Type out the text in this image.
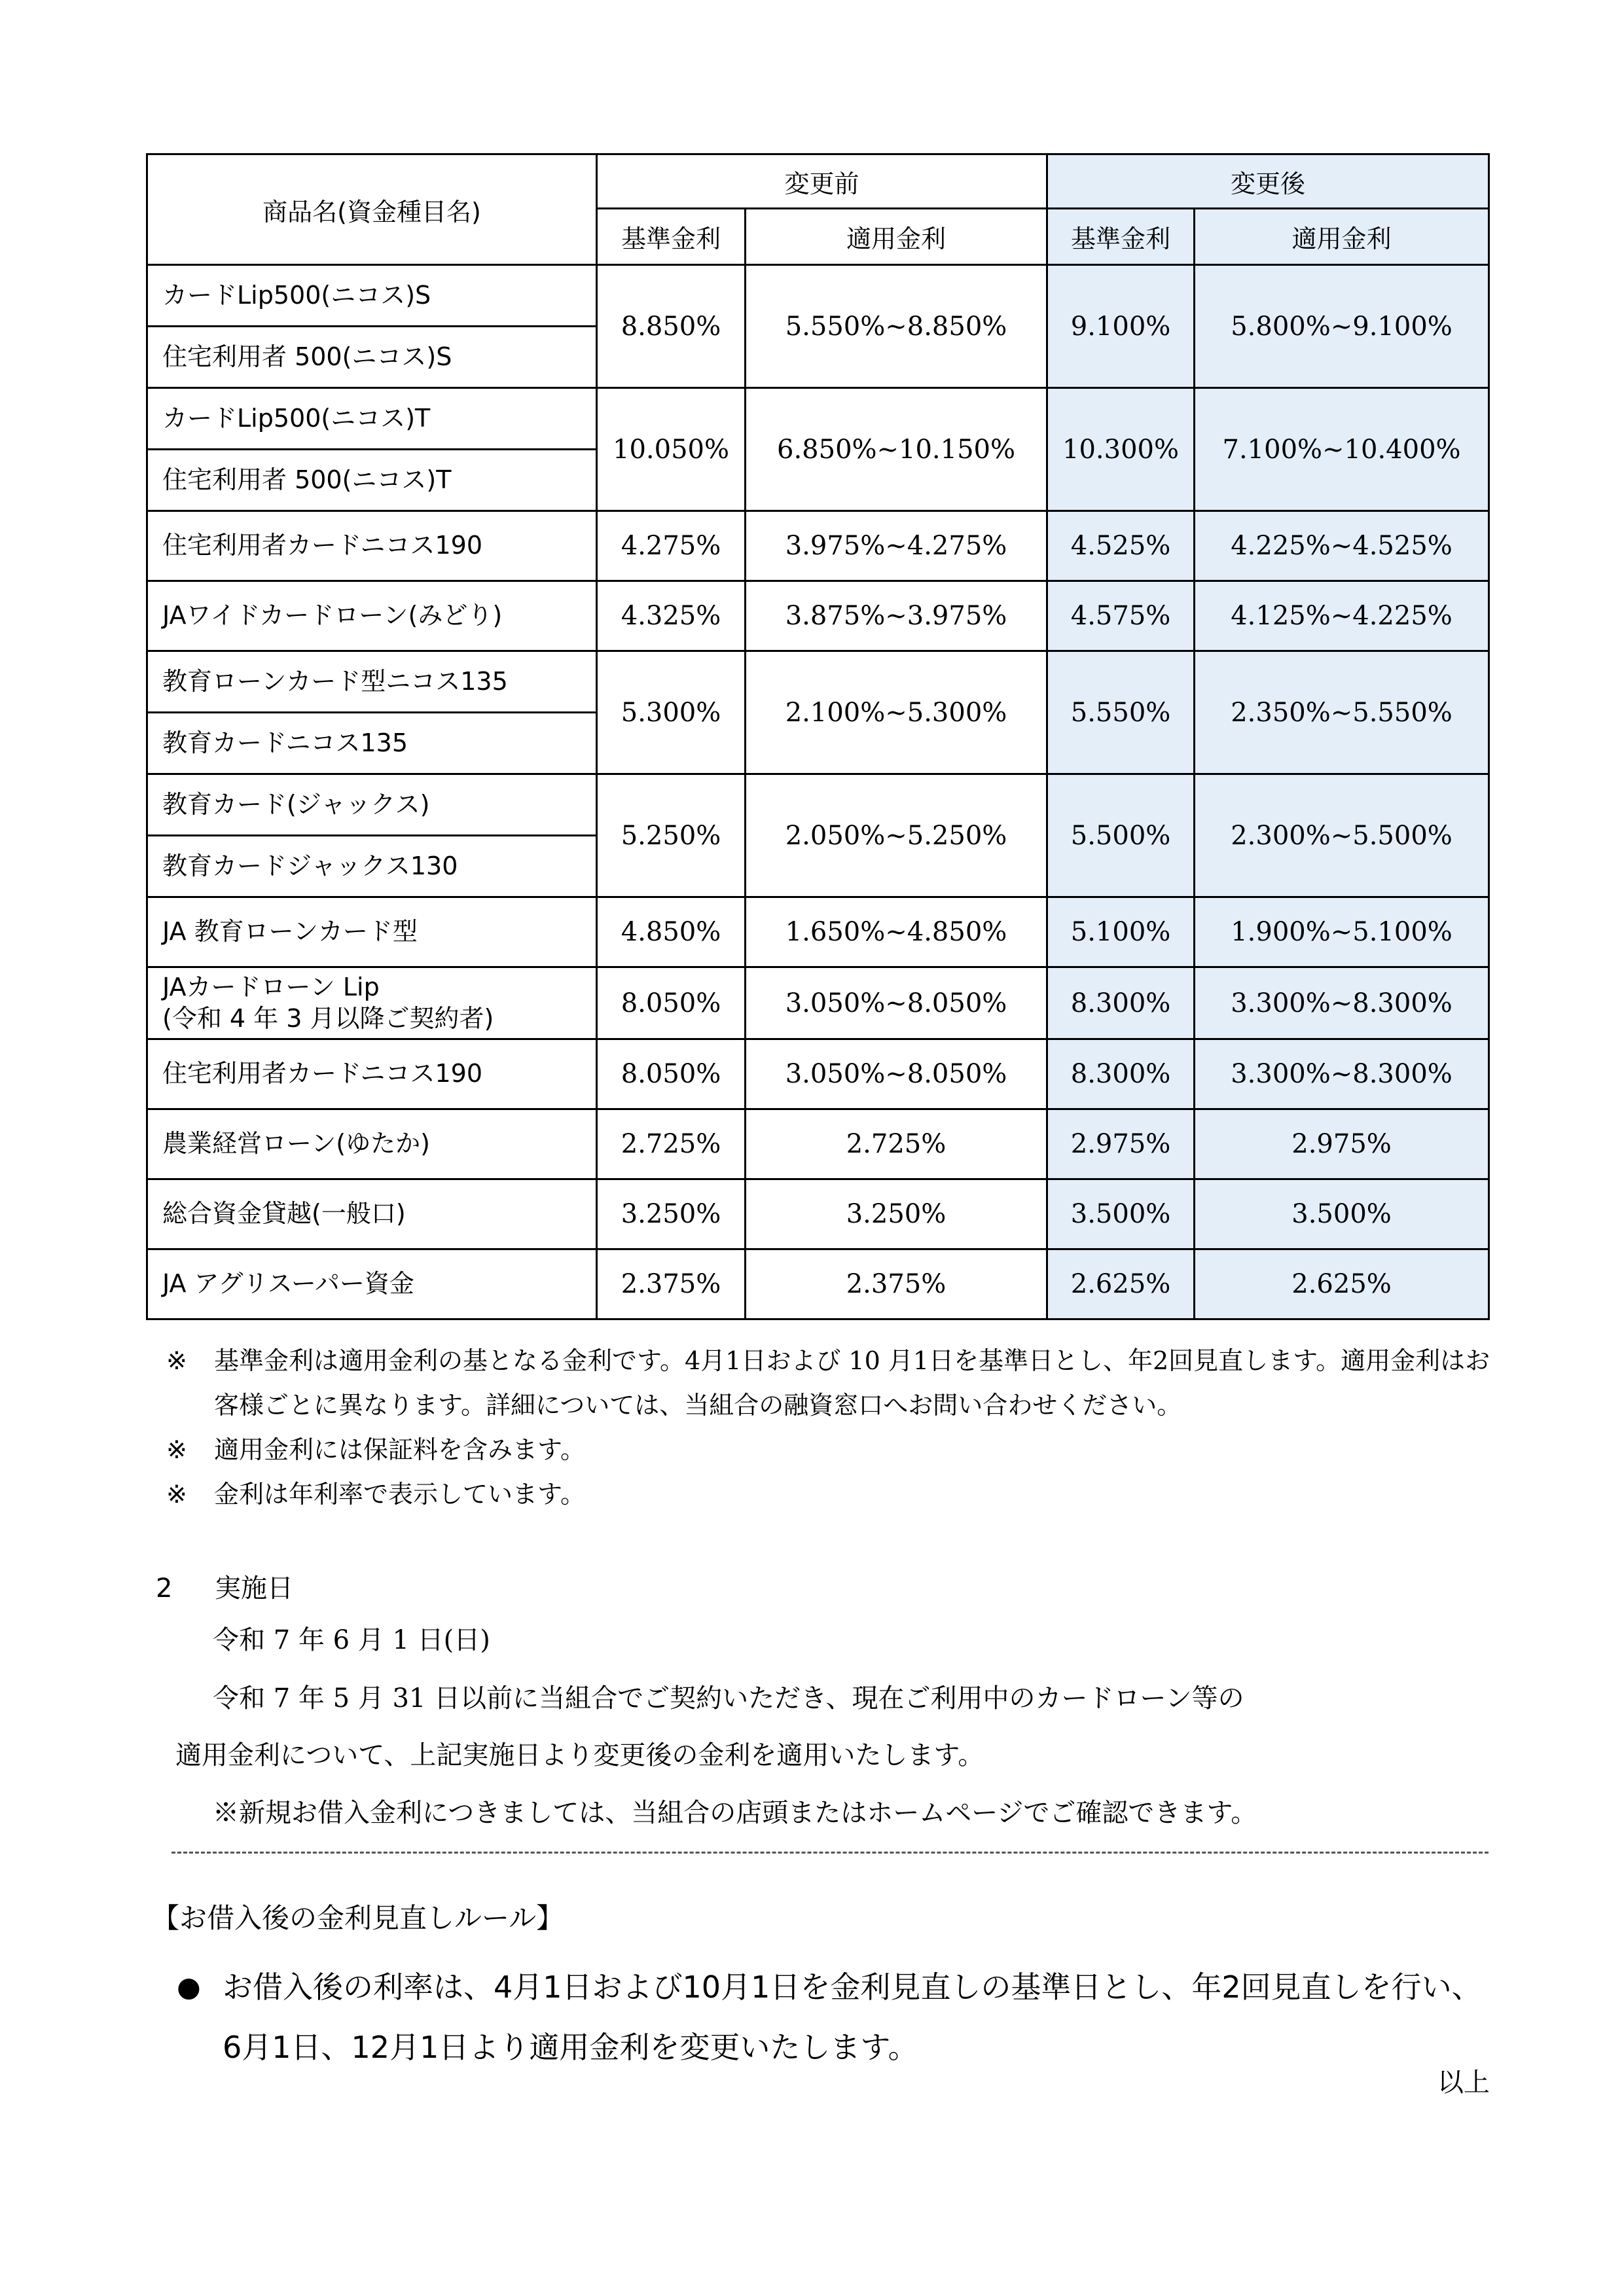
商品名(資金種目名)	変更前		変更後	
	基準金利	適用金利	基準金利	適用金利
カードLip500(ニコス)S	8.850%	5.550%~8.850%	9.100%	5.800%~9.100%
住宅利用者 500(ニコス)S				
カードLip500(ニコス)T	10.050%	6.850%~10.150%	10.300%	7.100%~10.400%
住宅利用者 500(ニコス)T				
住宅利用者カードニコス190	4.275%	3.975%~4.275%	4.525%	4.225%~4.525%
JAワイドカードローン(みどり)	4.325%	3.875%~3.975%	4.575%	4.125%~4.225%
教育ローンカード型ニコス135	5.300%	2.100%~5.300%	5.550%	2.350%~5.550%
教育カードニコス135				
教育カード(ジャックス)	5.250%	2.050%~5.250%	5.500%	2.300%~5.500%
教育カードジャックス130				
JA 教育ローンカード型	4.850%	1.650%~4.850%	5.100%	1.900%~5.100%
JAカードローン Lip
(令和 4 年 3 月以降ご契約者)	8.050%	3.050%~8.050%	8.300%	3.300%~8.300%
住宅利用者カードニコス190	8.050%	3.050%~8.050%	8.300%	3.300%~8.300%
農業経営ローン(ゆたか)	2.725%	2.725%	2.975%	2.975%
総合資金貸越(一般口)	3.250%	3.250%	3.500%	3.500%
JA アグリスーパー資金	2.375%	2.375%	2.625%	2.625%
※ 基準金利は適用金利の基となる金利です。4月1日および 10 月1日を基準日とし、年2回見直します。適用金利はお客様ごとに異なります。詳細については、当組合の融資窓口へお問い合わせください。
※ 適用金利には保証料を含みます。
※ 金利は年利率で表示しています。
2 実施日
令和 7 年 6 月 1 日(日)
令和 7 年 5 月 31 日以前に当組合でご契約いただき、現在ご利用中のカードローン等の
適用金利について、上記実施日より変更後の金利を適用いたします。
※新規お借入金利につきましては、当組合の店頭またはホームページでご確認できます。
【お借入後の金利見直しルール】
● お借入後の利率は、4月1日および10月1日を金利見直しの基準日とし、年2回見直しを行い、6月1日、12月1日より適用金利を変更いたします。
以上
